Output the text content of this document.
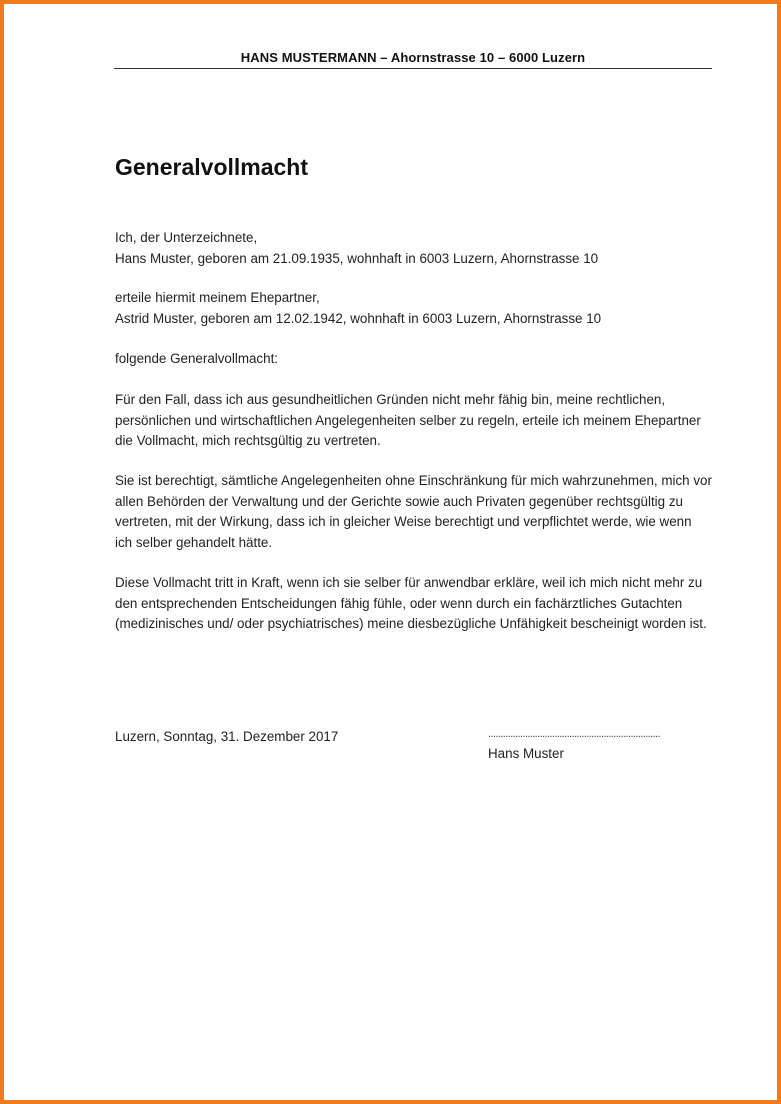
HANS MUSTERMANN – Ahornstrasse 10 – 6000 Luzern
Generalvollmacht

Ich, der Unterzeichnete,

Hans Muster, geboren am 21.09.1935, wohnhaft in 6003 Luzern, Ahornstrasse 10

erteile hiermit meinem Ehepartner,

Astrid Muster, geboren am 12.02.1942, wohnhaft in 6003 Luzern, Ahornstrasse 10

folgende Generalvollmacht:

Für den Fall, dass ich aus gesundheitlichen Gründen nicht mehr fähig bin, meine rechtlichen,

persönlichen und wirtschaftlichen Angelegenheiten selber zu regeln, erteile ich meinem Ehepartner

die Vollmacht, mich rechtsgültig zu vertreten.

Sie ist berechtigt, sämtliche Angelegenheiten ohne Einschränkung für mich wahrzunehmen, mich vor

allen Behörden der Verwaltung und der Gerichte sowie auch Privaten gegenüber rechtsgültig zu

vertreten, mit der Wirkung, dass ich in gleicher Weise berechtigt und verpflichtet werde, wie wenn

ich selber gehandelt hätte.

Diese Vollmacht tritt in Kraft, wenn ich sie selber für anwendbar erkläre, weil ich mich nicht mehr zu

den entsprechenden Entscheidungen fähig fühle, oder wenn durch ein fachärztliches Gutachten

(medizinisches und/ oder psychiatrisches) meine diesbezügliche Unfähigkeit bescheinigt worden ist.

Luzern, Sonntag, 31. Dezember 2017	......................................................................
Hans Muster
